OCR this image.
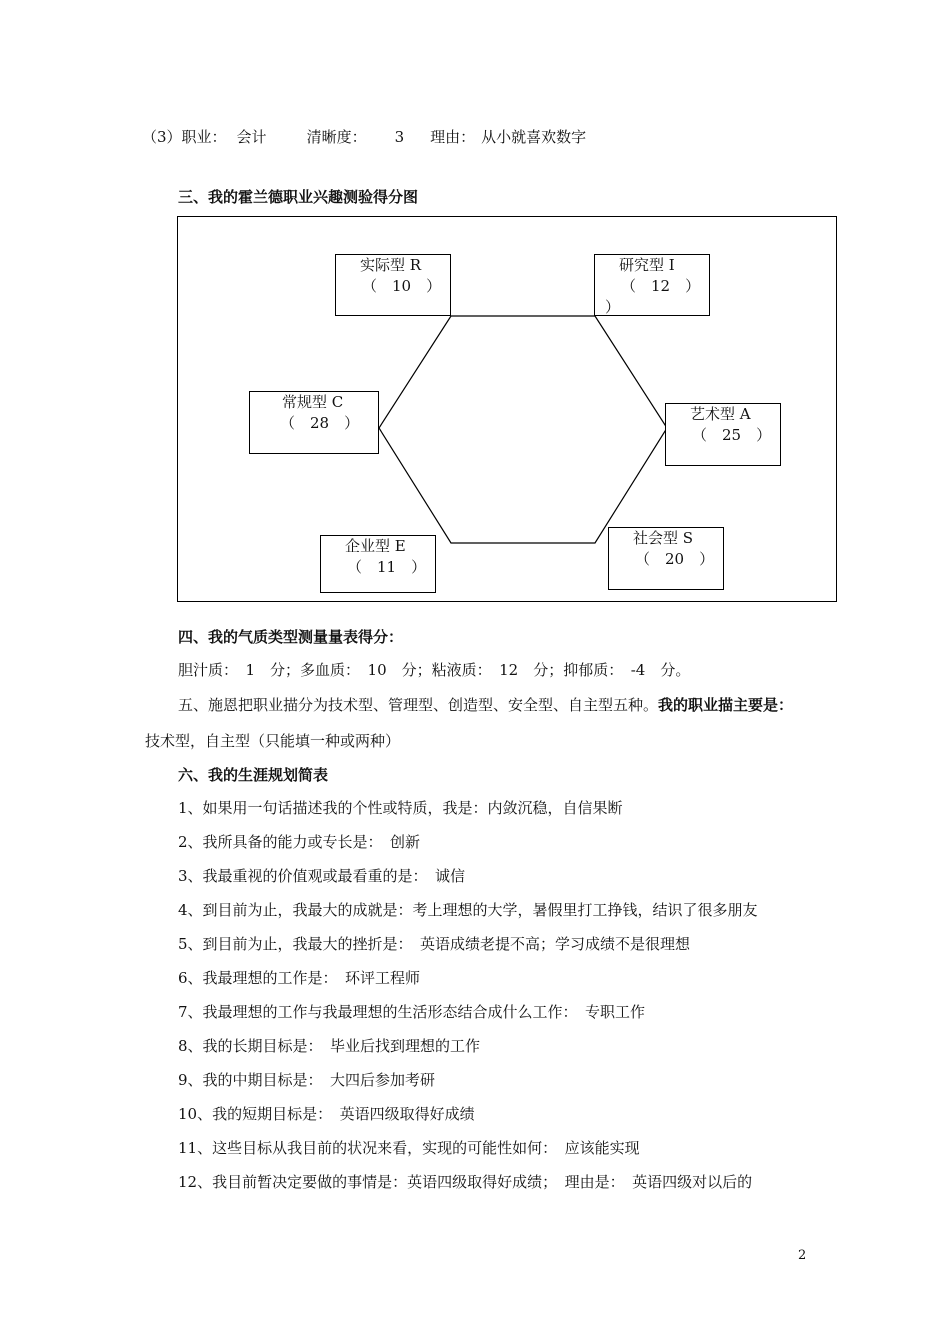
（3）职业： 会计	清晰度： 3 理由： 从小就喜欢数字
三、我的霍兰德职业兴趣测验得分图
实际型 R
（　10　）
研究型 I
（　12　）
）
常规型 C
（　28　）	艺术型 A
（　25　）
企业型 E
（　11　）
社会型 S
（　20　）
四、我的气质类型测量量表得分：
胆汁质：　1　分；多血质：　10　分；粘液质：　12　分；抑郁质：　-4　分。
五、施恩把职业描分为技术型、管理型、创造型、安全型、自主型五种。我的职业描主要是：
技术型，自主型（只能填一种或两种）
六、我的生涯规划简表
1、如果用一句话描述我的个性或特质，我是：内敛沉稳，自信果断
2、我所具备的能力或专长是：　创新
3、我最重视的价值观或最看重的是：　诚信
4、到目前为止，我最大的成就是：考上理想的大学，暑假里打工挣钱，结识了很多朋友
5、到目前为止，我最大的挫折是：　英语成绩老提不高；学习成绩不是很理想
6、我最理想的工作是：　环评工程师
7、我最理想的工作与我最理想的生活形态结合成什么工作：　专职工作
8、我的长期目标是：　毕业后找到理想的工作
9、我的中期目标是：　大四后参加考研
10、我的短期目标是：　英语四级取得好成绩
11、这些目标从我目前的状况来看，实现的可能性如何：　应该能实现
12、我目前暂决定要做的事情是：英语四级取得好成绩；　理由是：　英语四级对以后的
2
